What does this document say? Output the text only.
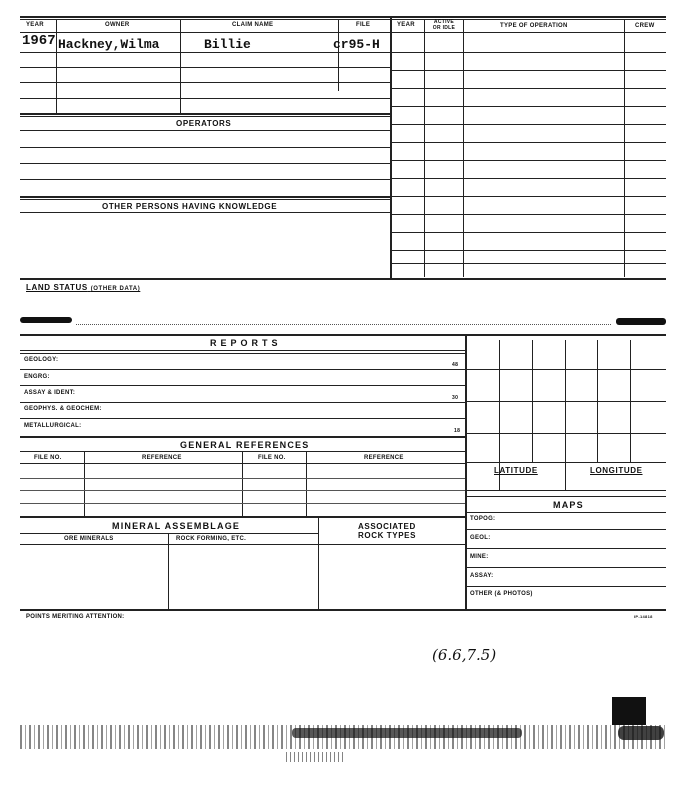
YEAR	OWNER	CLAIM NAME	FILE	YEAR	ACTIVE
OR IDLE	TYPE OF OPERATION	CREW
1967 Hackney,Wilma	Billie	cr95-H
OPERATORS
OTHER PERSONS HAVING KNOWLEDGE
LAND STATUS (OTHER DATA)
REPORTS
GEOLOGY:
48
ENGRG:
ASSAY & IDENT:
30
GEOPHYS. & GEOCHEM:
METALLURGICAL:
18
GENERAL REFERENCES
FILE NO.	REFERENCE	FILE NO.	REFERENCE
MINERAL ASSEMBLAGE	ASSOCIATED
ROCK TYPES
ORE MINERALS	ROCK FORMING, ETC.
LATITUDE	LONGITUDE
MAPS
TOPOG:
GEOL:
MINE:
ASSAY:
OTHER (& PHOTOS)
POINTS MERITING ATTENTION:	IP-14818
(6.6,7.5)
